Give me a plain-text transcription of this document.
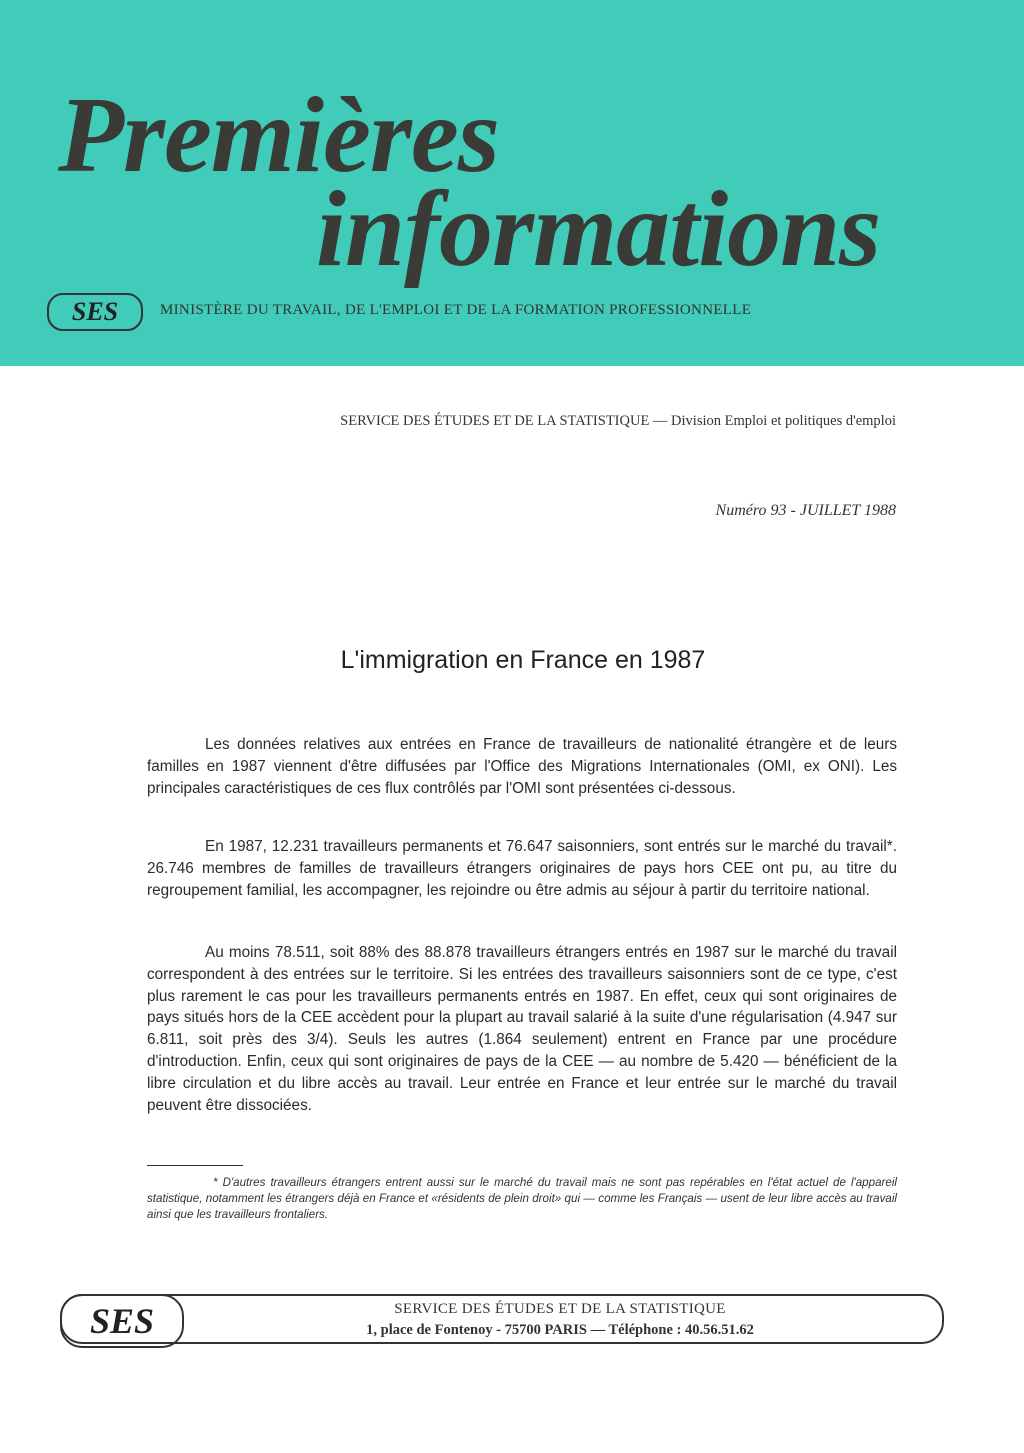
Premières
informations
SES	MINISTÈRE DU TRAVAIL, DE L'EMPLOI ET DE LA FORMATION PROFESSIONNELLE
SERVICE DES ÉTUDES ET DE LA STATISTIQUE — Division Emploi et politiques d'emploi
Numéro 93 - JUILLET 1988
L'immigration en France en 1987

Les données relatives aux entrées en France de travailleurs de nationalité étrangère et de leurs familles en 1987 viennent d'être diffusées par l'Office des Migrations Internationales (OMI, ex ONI). Les principales caractéristiques de ces flux contrôlés par l'OMI sont présentées ci-dessous.

En 1987, 12.231 travailleurs permanents et 76.647 saisonniers, sont entrés sur le marché du travail*. 26.746 membres de familles de travailleurs étrangers originaires de pays hors CEE ont pu, au titre du regroupement familial, les accompagner, les rejoindre ou être admis au séjour à partir du territoire national.

Au moins 78.511, soit 88% des 88.878 travailleurs étrangers entrés en 1987 sur le marché du travail correspondent à des entrées sur le territoire. Si les entrées des travailleurs saisonniers sont de ce type, c'est plus rarement le cas pour les travailleurs permanents entrés en 1987. En effet, ceux qui sont originaires de pays situés hors de la CEE accèdent pour la plupart au travail salarié à la suite d'une régularisation (4.947 sur 6.811, soit près des 3/4). Seuls les autres (1.864 seulement) entrent en France par une procédure d'introduction. Enfin, ceux qui sont originaires de pays de la CEE — au nombre de 5.420 — bénéficient de la libre circulation et du libre accès au travail. Leur entrée en France et leur entrée sur le marché du travail peuvent être dissociées.

* D'autres travailleurs étrangers entrent aussi sur le marché du travail mais ne sont pas repérables en l'état actuel de l'appareil statistique, notamment les étrangers déjà en France et «résidents de plein droit» qui — comme les Français — usent de leur libre accès au travail ainsi que les travailleurs frontaliers.

SES	SERVICE DES ÉTUDES ET DE LA STATISTIQUE
1, place de Fontenoy - 75700 PARIS — Téléphone : 40.56.51.62
